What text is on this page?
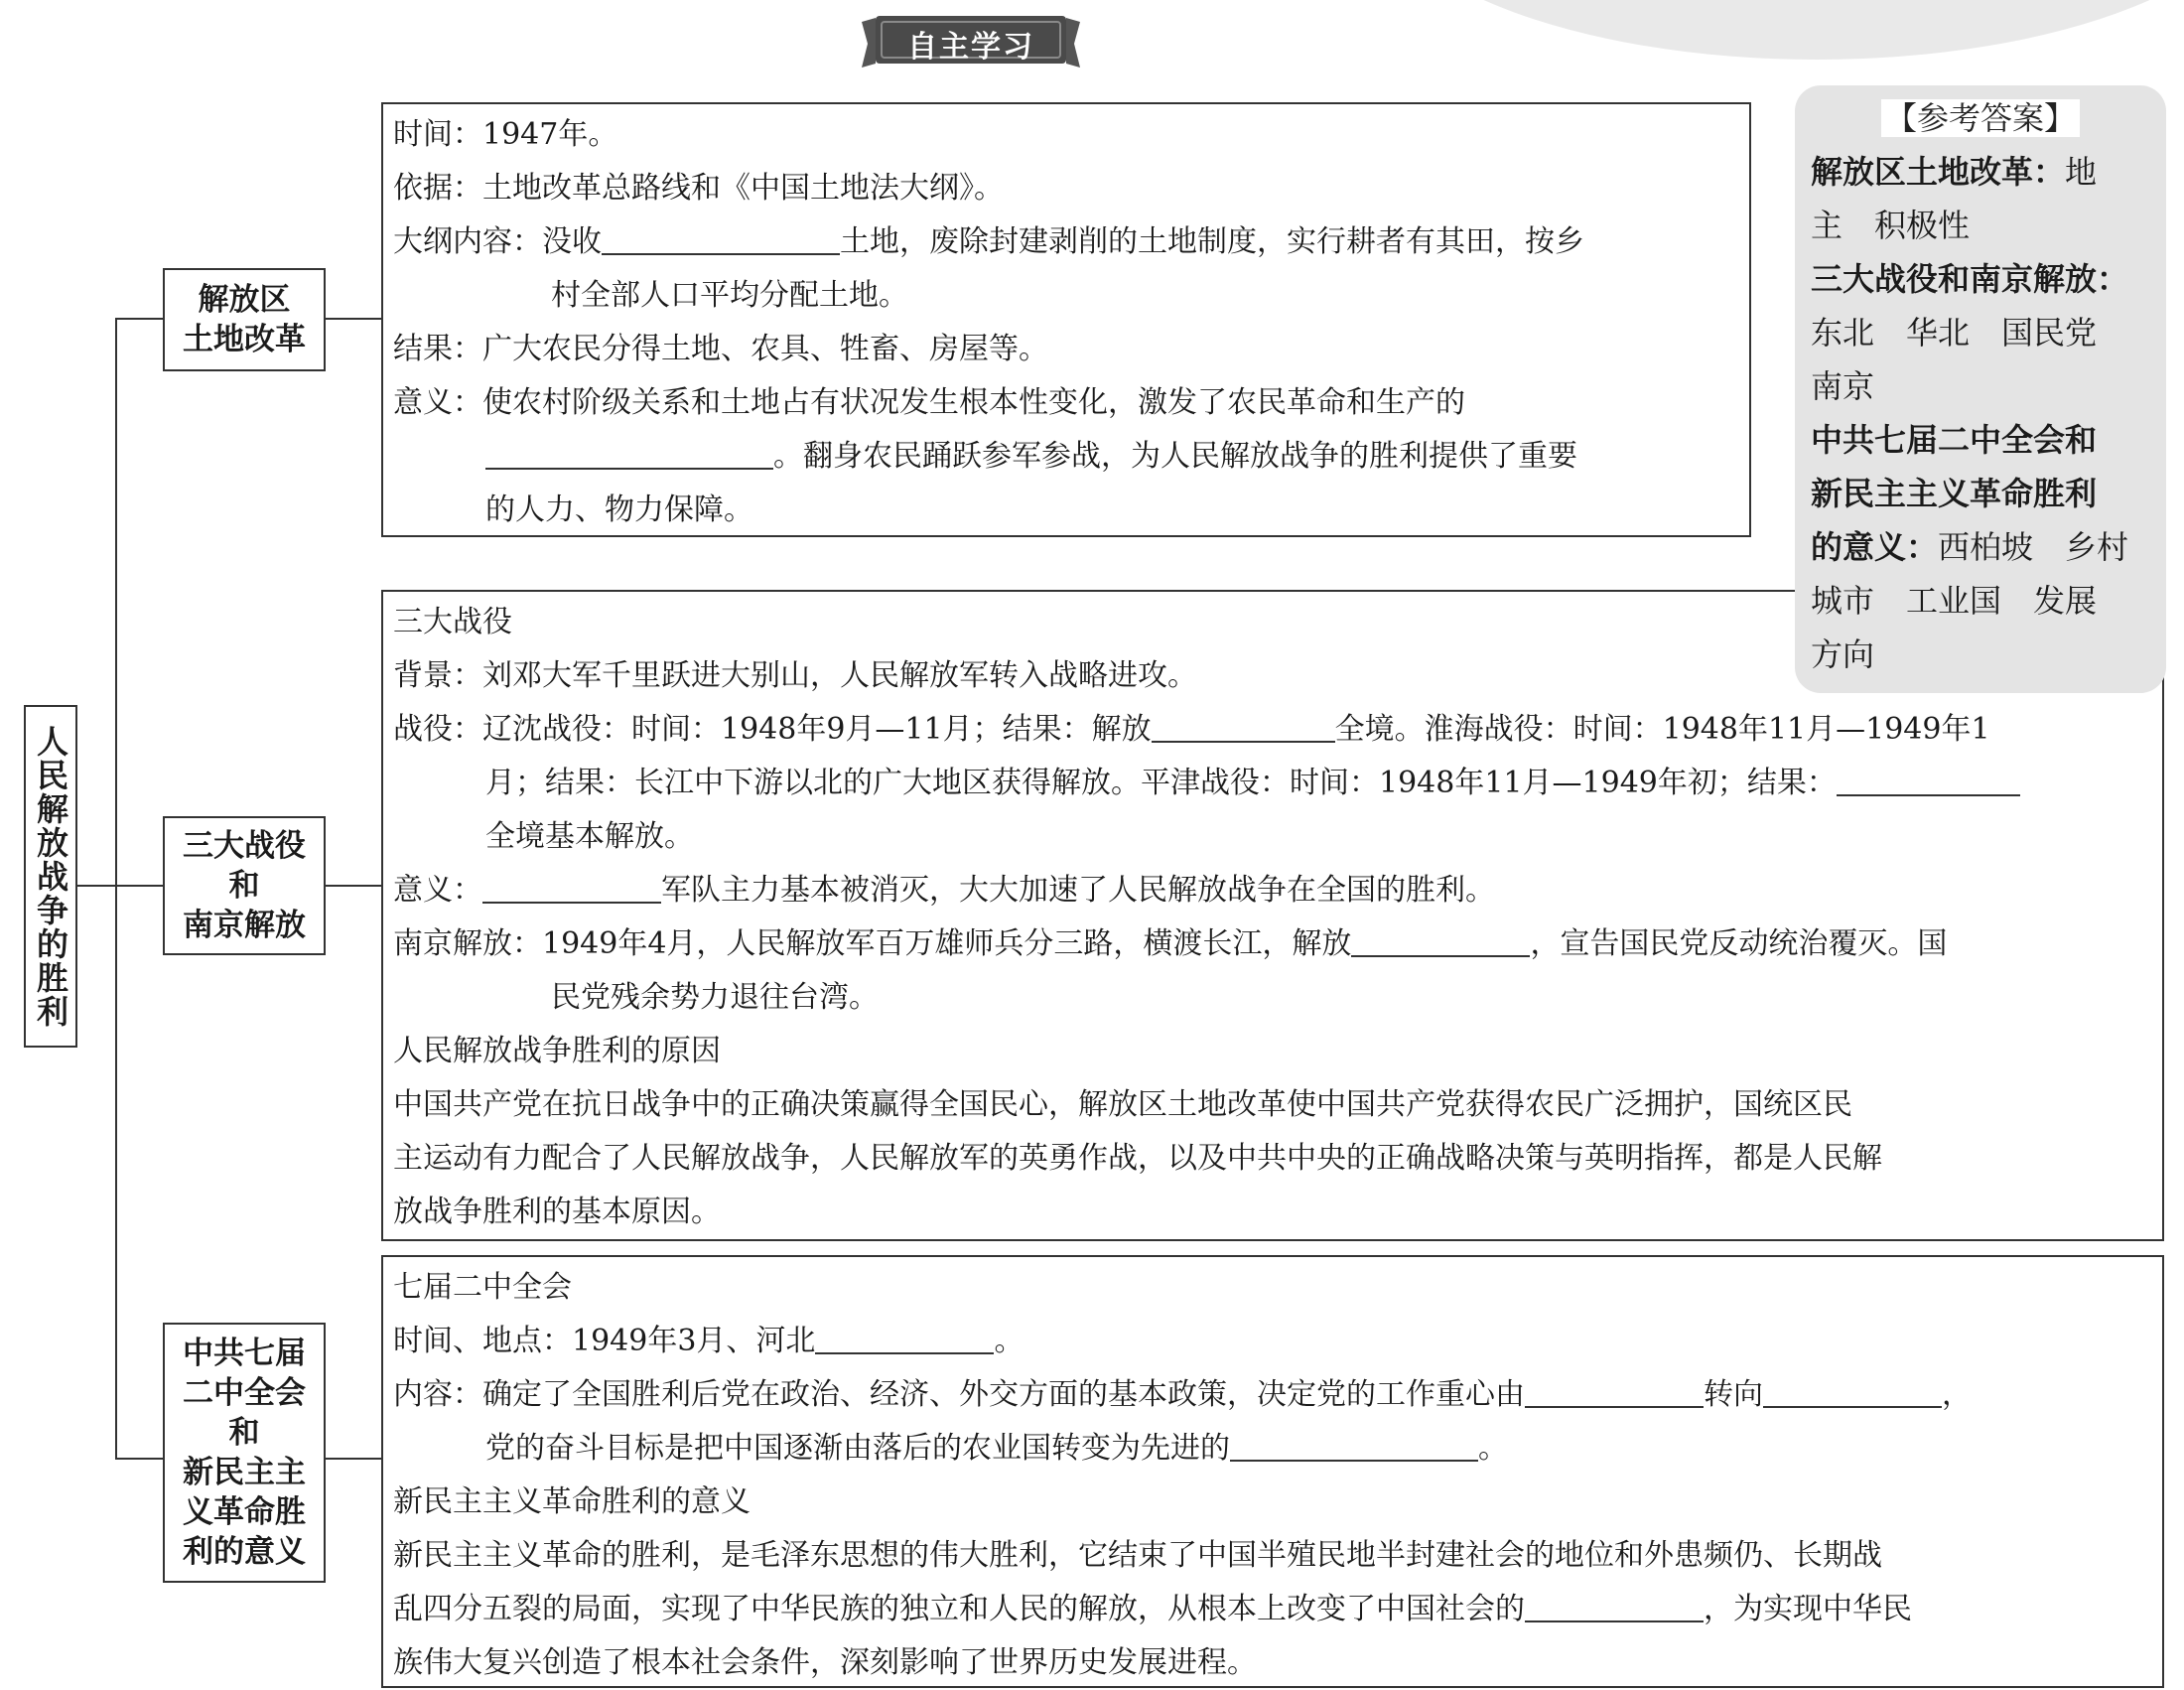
自主学习
人民解放战争的胜利
解放区
土地改革
三大战役
和
南京解放
中共七届
二中全会
和
新民主主
义革命胜
利的意义
时间：1947年。
依据：土地改革总路线和《中国土地法大纲》。
大纲内容：没收	土地，废除封建剥削的土地制度，实行耕者有其田，按乡
村全部人口平均分配土地。
结果：广大农民分得土地、农具、牲畜、房屋等。
意义：使农村阶级关系和土地占有状况发生根本性变化，激发了农民革命和生产的
。翻身农民踊跃参军参战，为人民解放战争的胜利提供了重要
的人力、物力保障。
三大战役
背景：刘邓大军千里跃进大别山，人民解放军转入战略进攻。
战役：辽沈战役：时间：1948年9月—11月；结果：解放	全境。淮海战役：时间：1948年11月—1949年1
月；结果：长江中下游以北的广大地区获得解放。平津战役：时间：1948年11月—1949年初；结果：
全境基本解放。
意义：	军队主力基本被消灭，大大加速了人民解放战争在全国的胜利。
南京解放：1949年4月，人民解放军百万雄师兵分三路，横渡长江，解放	，宣告国民党反动统治覆灭。国
民党残余势力退往台湾。
人民解放战争胜利的原因
中国共产党在抗日战争中的正确决策赢得全国民心，解放区土地改革使中国共产党获得农民广泛拥护，国统区民
主运动有力配合了人民解放战争，人民解放军的英勇作战，以及中共中央的正确战略决策与英明指挥，都是人民解
放战争胜利的基本原因。
七届二中全会
时间、地点：1949年3月、河北	。
内容：确定了全国胜利后党在政治、经济、外交方面的基本政策，决定党的工作重心由	转向	，
党的奋斗目标是把中国逐渐由落后的农业国转变为先进的	。
新民主主义革命胜利的意义
新民主主义革命的胜利，是毛泽东思想的伟大胜利，它结束了中国半殖民地半封建社会的地位和外患频仍、长期战
乱四分五裂的局面，实现了中华民族的独立和人民的解放，从根本上改变了中国社会的	，为实现中华民
族伟大复兴创造了根本社会条件，深刻影响了世界历史发展进程。
【参考答案】
解放区土地改革：地
主　积极性
三大战役和南京解放：
东北　华北　国民党
南京
中共七届二中全会和
新民主主义革命胜利
的意义：西柏坡　乡村
城市　工业国　发展
方向
